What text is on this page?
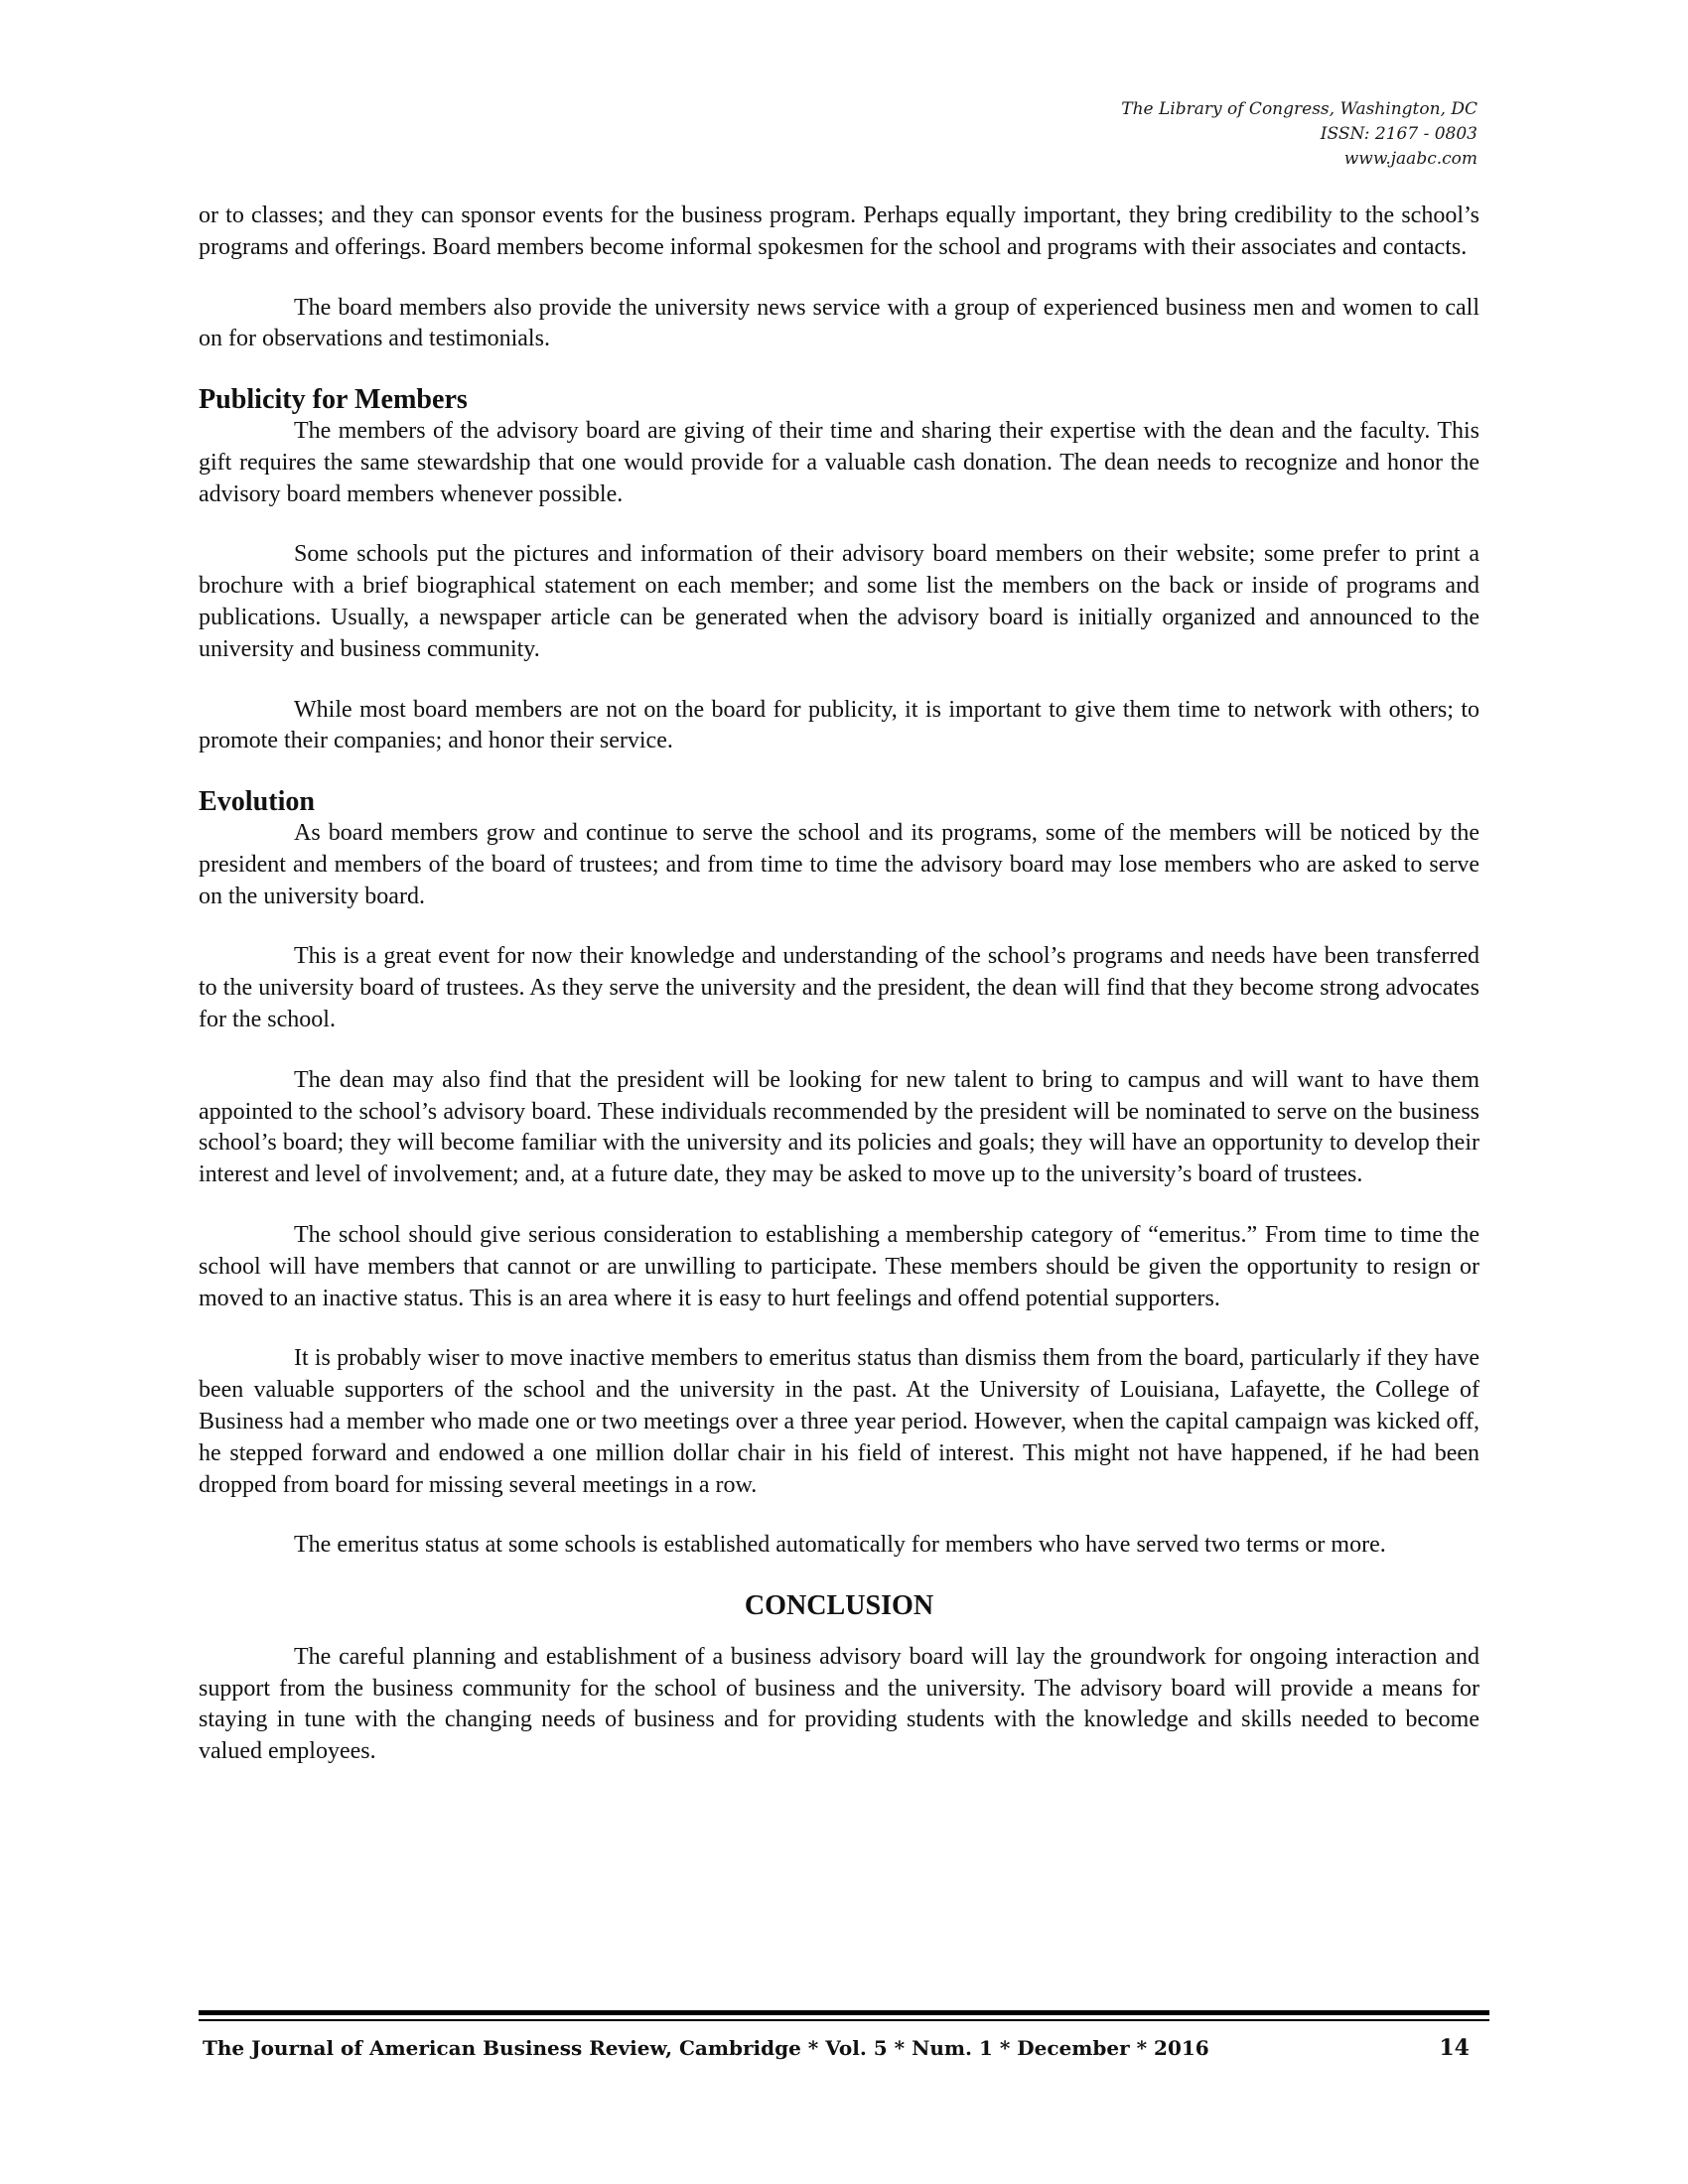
The Library of Congress, Washington, DC
ISSN: 2167 - 0803
www.jaabc.com

or to classes; and they can sponsor events for the business program. Perhaps equally important, they bring credibility to the school’s programs and offerings. Board members become informal spokesmen for the school and programs with their associates and contacts.

The board members also provide the university news service with a group of experienced business men and women to call on for observations and testimonials.

Publicity for Members

The members of the advisory board are giving of their time and sharing their expertise with the dean and the faculty. This gift requires the same stewardship that one would provide for a valuable cash donation. The dean needs to recognize and honor the advisory board members whenever possible.

Some schools put the pictures and information of their advisory board members on their website; some prefer to print a brochure with a brief biographical statement on each member; and some list the members on the back or inside of programs and publications. Usually, a newspaper article can be generated when the advisory board is initially organized and announced to the university and business community.

While most board members are not on the board for publicity, it is important to give them time to network with others; to promote their companies; and honor their service.

Evolution

As board members grow and continue to serve the school and its programs, some of the members will be noticed by the president and members of the board of trustees; and from time to time the advisory board may lose members who are asked to serve on the university board.

This is a great event for now their knowledge and understanding of the school’s programs and needs have been transferred to the university board of trustees. As they serve the university and the president, the dean will find that they become strong advocates for the school.

The dean may also find that the president will be looking for new talent to bring to campus and will want to have them appointed to the school’s advisory board. These individuals recommended by the president will be nominated to serve on the business school’s board; they will become familiar with the university and its policies and goals; they will have an opportunity to develop their interest and level of involvement; and, at a future date, they may be asked to move up to the university’s board of trustees.

The school should give serious consideration to establishing a membership category of “emeritus.” From time to time the school will have members that cannot or are unwilling to participate. These members should be given the opportunity to resign or moved to an inactive status. This is an area where it is easy to hurt feelings and offend potential supporters.

It is probably wiser to move inactive members to emeritus status than dismiss them from the board, particularly if they have been valuable supporters of the school and the university in the past. At the University of Louisiana, Lafayette, the College of Business had a member who made one or two meetings over a three year period. However, when the capital campaign was kicked off, he stepped forward and endowed a one million dollar chair in his field of interest. This might not have happened, if he had been dropped from board for missing several meetings in a row.

The emeritus status at some schools is established automatically for members who have served two terms or more.

CONCLUSION

The careful planning and establishment of a business advisory board will lay the groundwork for ongoing interaction and support from the business community for the school of business and the university. The advisory board will provide a means for staying in tune with the changing needs of business and for providing students with the knowledge and skills needed to become valued employees.

The Journal of American Business Review, Cambridge * Vol. 5 * Num. 1 * December * 2016	14
